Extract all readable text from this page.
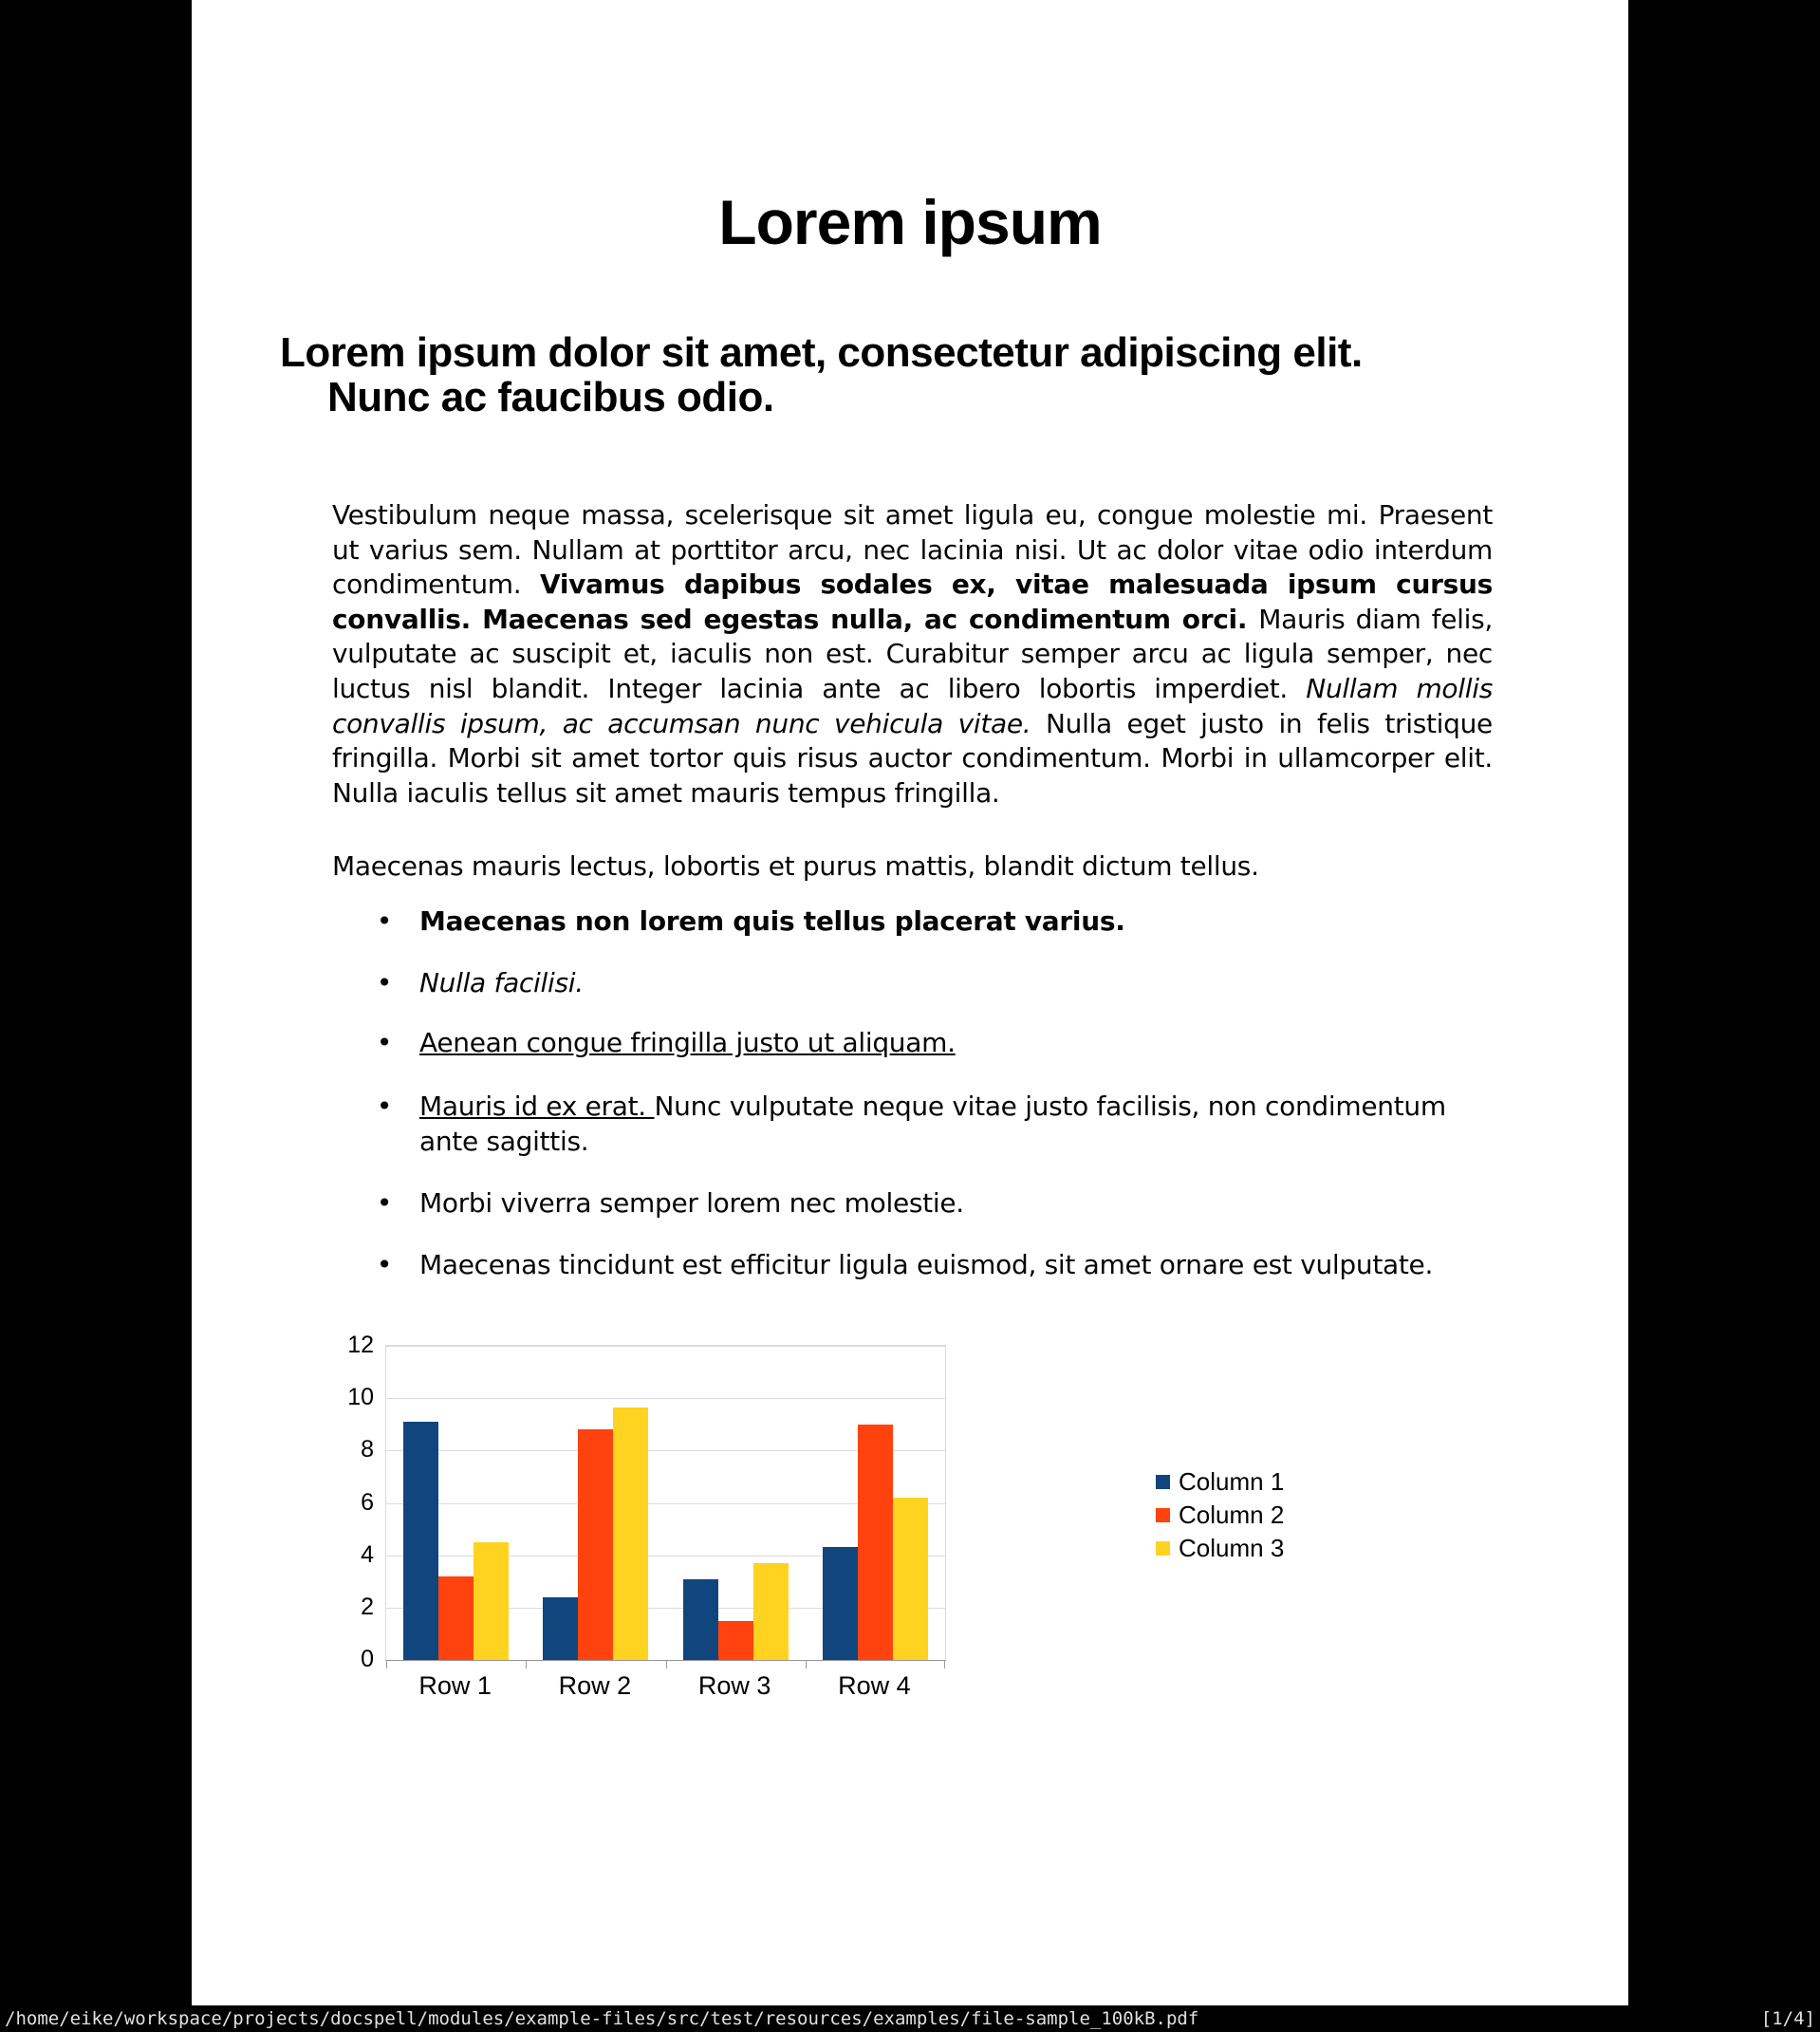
Lorem ipsum
Lorem ipsum dolor sit amet, consectetur adipiscing elit.
Nunc ac faucibus odio.
Vestibulum neque massa, scelerisque sit amet ligula eu, congue molestie mi. Praesent ut varius sem. Nullam at porttitor arcu, nec lacinia nisi. Ut ac dolor vitae odio interdum condimentum. Vivamus dapibus sodales ex, vitae malesuada ipsum cursus convallis. Maecenas sed egestas nulla, ac condimentum orci. Mauris diam felis, vulputate ac suscipit et, iaculis non est. Curabitur semper arcu ac ligula semper, nec luctus nisl blandit. Integer lacinia ante ac libero lobortis imperdiet. Nullam mollis convallis ipsum, ac accumsan nunc vehicula vitae. Nulla eget justo in felis tristique fringilla. Morbi sit amet tortor quis risus auctor condimentum. Morbi in ullamcorper elit. Nulla iaculis tellus sit amet mauris tempus fringilla.
Maecenas mauris lectus, lobortis et purus mattis, blandit dictum tellus.
•	Maecenas non lorem quis tellus placerat varius.
•	Nulla facilisi.
•	Aenean congue fringilla justo ut aliquam.
•	Mauris id ex erat. Nunc vulputate neque vitae justo facilisis, non condimentum ante sagittis.
•	Morbi viverra semper lorem nec molestie.
•	Maecenas tincidunt est efficitur ligula euismod, sit amet ornare est vulputate.
0
2
4
6
8
10
12
Row 1	Row 2	Row 3	Row 4
Column 1
Column 2
Column 3
/home/eike/workspace/projects/docspell/modules/example-files/src/test/resources/examples/file-sample_100kB.pdf	[1/4]
